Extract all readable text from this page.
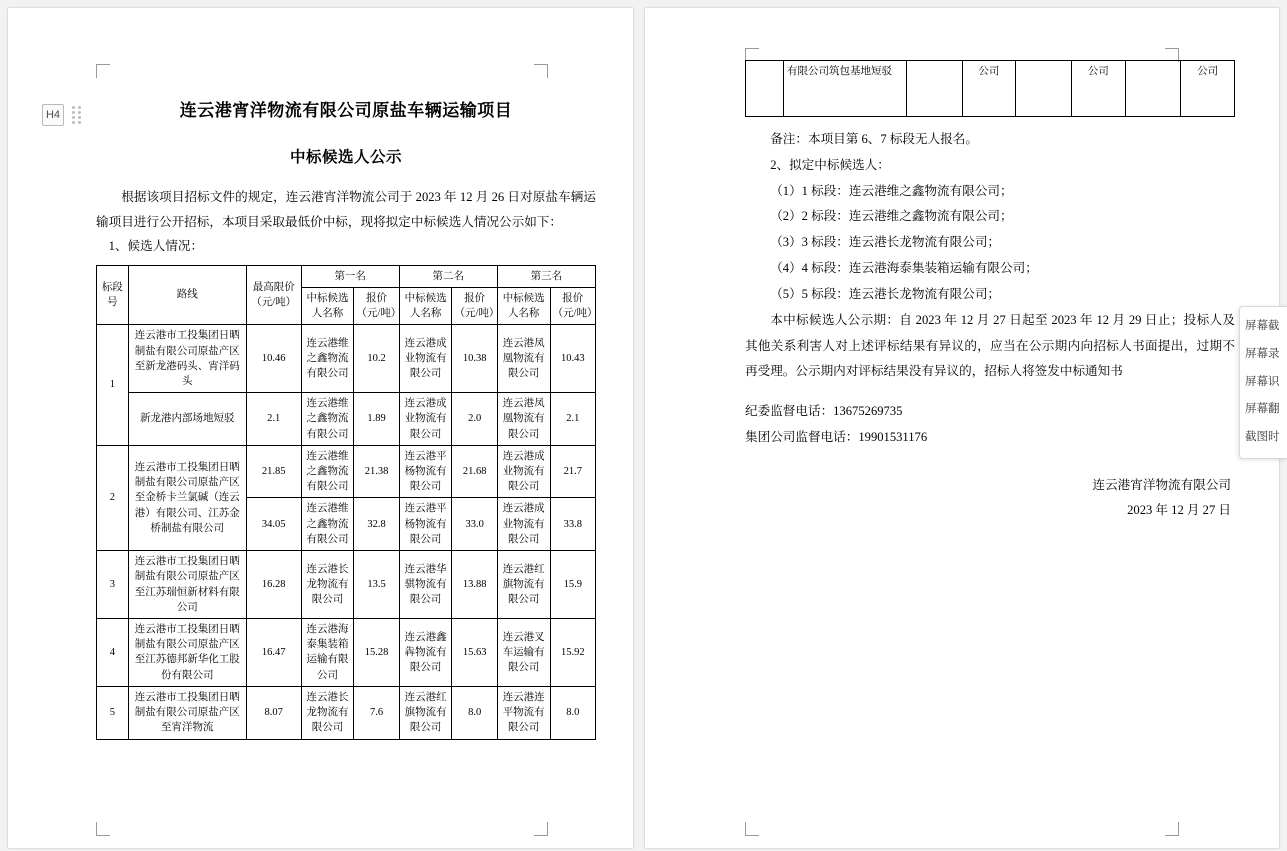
连云港宵洋物流有限公司原盐车辆运输项目
中标候选人公示

根据该项目招标文件的规定，连云港宵洋物流公司于 2023 年 12 月 26 日对原盐车辆运输项目进行公开招标，本项目采取最低价中标，现将拟定中标候选人情况公示如下：

1、候选人情况：

标段号	路线	最高限价（元/吨）	第一名		第二名		第三名	
			中标候选人名称	报价（元/吨）	中标候选人名称	报价（元/吨）	中标候选人名称	报价（元/吨）
1	连云港市工投集团日晒制盐有限公司原盐产区至新龙港码头、宵洋码头	10.46	连云港维之鑫物流有限公司	10.2	连云港成业物流有限公司	10.38	连云港凤凰物流有限公司	10.43
	新龙港内部场地短驳	2.1	连云港维之鑫物流有限公司	1.89	连云港成业物流有限公司	2.0	连云港凤凰物流有限公司	2.1
2	连云港市工投集团日晒制盐有限公司原盐产区至金桥卡兰氯碱（连云港）有限公司、江苏金桥制盐有限公司	21.85	连云港维之鑫物流有限公司	21.38	连云港平杨物流有限公司	21.68	连云港成业物流有限公司	21.7
		34.05	连云港维之鑫物流有限公司	32.8	连云港平杨物流有限公司	33.0	连云港成业物流有限公司	33.8
3	连云港市工投集团日晒制盐有限公司原盐产区至江苏瑞恒新材料有限公司	16.28	连云港长龙物流有限公司	13.5	连云港华骐物流有限公司	13.88	连云港红旗物流有限公司	15.9
4	连云港市工投集团日晒制盐有限公司原盐产区至江苏德邦新华化工股份有限公司	16.47	连云港海泰集装箱运输有限公司	15.28	连云港鑫犇物流有限公司	15.63	连云港叉车运输有限公司	15.92
5	连云港市工投集团日晒制盐有限公司原盐产区至宵洋物流	8.07	连云港长龙物流有限公司	7.6	连云港红旗物流有限公司	8.0	连云港连平物流有限公司	8.0
H4
	有限公司筑包基地短驳		公司		公司		公司

备注：本项目第 6、7 标段无人报名。

2、拟定中标候选人：

（1）1 标段：连云港维之鑫物流有限公司；

（2）2 标段：连云港维之鑫物流有限公司；

（3）3 标段：连云港长龙物流有限公司；

（4）4 标段：连云港海泰集装箱运输有限公司；

（5）5 标段：连云港长龙物流有限公司；

本中标候选人公示期：自 2023 年 12 月 27 日起至 2023 年 12 月 29 日止；投标人及其他关系利害人对上述评标结果有异议的，应当在公示期内向招标人书面提出，过期不再受理。公示期内对评标结果没有异议的，招标人将签发中标通知书

纪委监督电话：13675269735

集团公司监督电话：19901531176

连云港宵洋物流有限公司
2023 年 12 月 27 日
屏幕截
屏幕录
屏幕识
屏幕翻
截图时
